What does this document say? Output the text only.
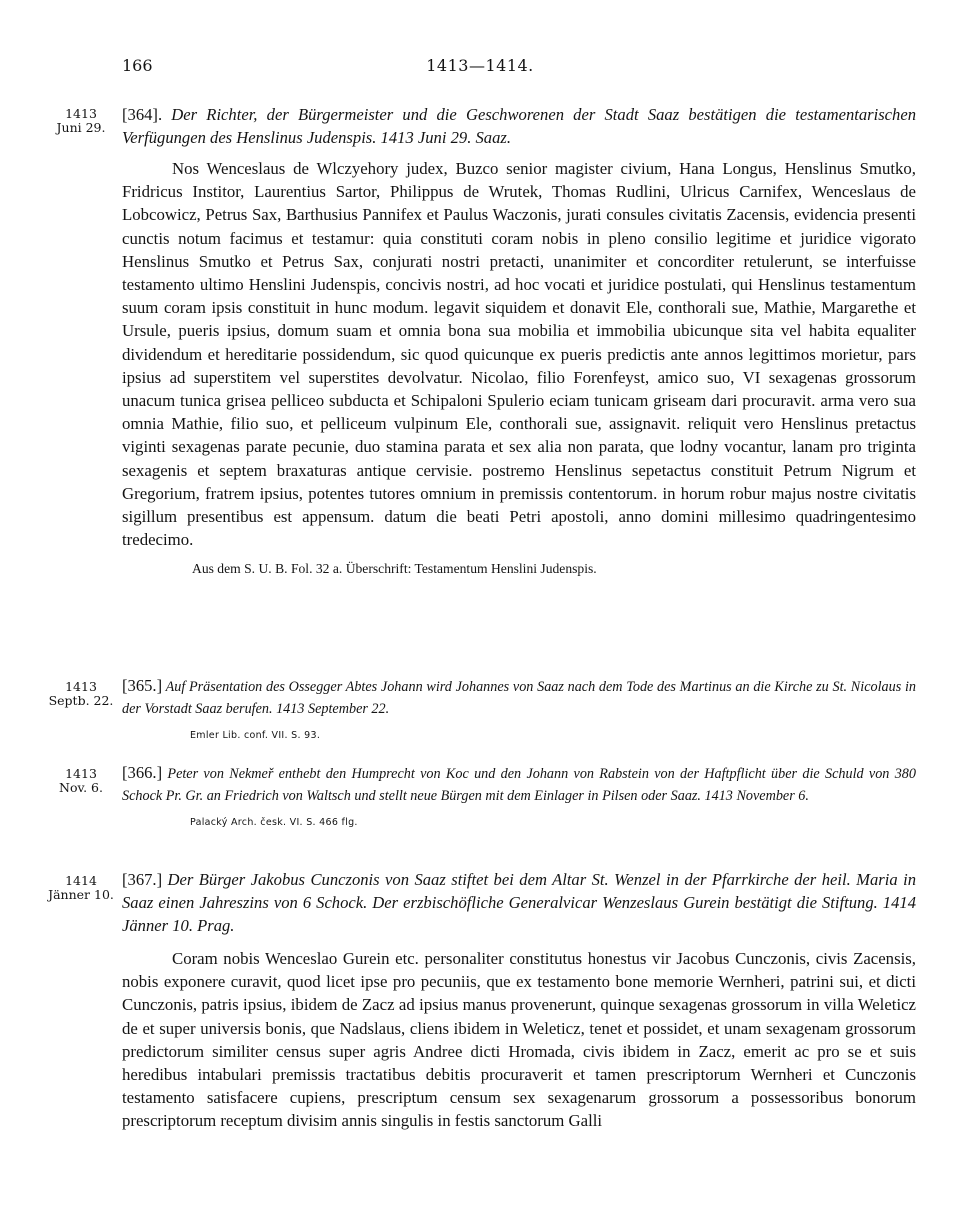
166	1413—1414.
1413
Juni 29.

[364]. Der Richter, der Bürgermeister und die Geschworenen der Stadt Saaz bestätigen die testamentarischen Verfügungen des Henslinus Judenspis. 1413 Juni 29. Saaz.

Nos Wenceslaus de Wlczyehory judex, Buzco senior magister civium, Hana Longus, Henslinus Smutko, Fridricus Institor, Laurentius Sartor, Philippus de Wrutek, Thomas Rudlini, Ulricus Carnifex, Wenceslaus de Lobcowicz, Petrus Sax, Barthusius Pannifex et Paulus Waczonis, jurati consules civitatis Zacensis, evidencia presenti cunctis notum facimus et testamur: quia constituti coram nobis in pleno consilio legitime et juridice vigorato Henslinus Smutko et Petrus Sax, conjurati nostri pretacti, unanimiter et concorditer retulerunt, se interfuisse testamento ultimo Henslini Judenspis, concivis nostri, ad hoc vocati et juridice postulati, qui Henslinus testamentum suum coram ipsis constituit in hunc modum. legavit siquidem et donavit Ele, conthorali sue, Mathie, Margarethe et Ursule, pueris ipsius, domum suam et omnia bona sua mobilia et immobilia ubicunque sita vel habita equaliter dividendum et hereditarie possidendum, sic quod quicunque ex pueris predictis ante annos legittimos morietur, pars ipsius ad superstitem vel superstites devolvatur. Nicolao, filio Forenfeyst, amico suo, VI sexagenas grossorum unacum tunica grisea pelliceo subducta et Schipaloni Spulerio eciam tunicam griseam dari procuravit. arma vero sua omnia Mathie, filio suo, et pelliceum vulpinum Ele, conthorali sue, assignavit. reliquit vero Henslinus pretactus viginti sexagenas parate pecunie, duo stamina parata et sex alia non parata, que lodny vocantur, lanam pro triginta sexagenis et septem braxaturas antique cervisie. postremo Henslinus sepetactus constituit Petrum Nigrum et Gregorium, fratrem ipsius, potentes tutores omnium in premissis contentorum. in horum robur majus nostre civitatis sigillum presentibus est appensum. datum die beati Petri apostoli, anno domini millesimo quadringentesimo tredecimo.

Aus dem S. U. B. Fol. 32 a. Überschrift: Testamentum Henslini Judenspis.

1413
Septb. 22.

[365.] Auf Präsentation des Ossegger Abtes Johann wird Johannes von Saaz nach dem Tode des Martinus an die Kirche zu St. Nicolaus in der Vorstadt Saaz berufen. 1413 September 22.

Emler Lib. conf. VII. S. 93.

1413
Nov. 6.

[366.] Peter von Nekmeř enthebt den Humprecht von Koc und den Johann von Rabstein von der Haftpflicht über die Schuld von 380 Schock Pr. Gr. an Friedrich von Waltsch und stellt neue Bürgen mit dem Einlager in Pilsen oder Saaz. 1413 November 6.

Palacký Arch. česk. VI. S. 466 flg.

1414
Jänner 10.

[367.] Der Bürger Jakobus Cunczonis von Saaz stiftet bei dem Altar St. Wenzel in der Pfarrkirche der heil. Maria in Saaz einen Jahreszins von 6 Schock. Der erzbischöfliche Generalvicar Wenzeslaus Gurein bestätigt die Stiftung. 1414 Jänner 10. Prag.

Coram nobis Wenceslao Gurein etc. personaliter constitutus honestus vir Jacobus Cunczonis, civis Zacensis, nobis exponere curavit, quod licet ipse pro pecuniis, que ex testamento bone memorie Wernheri, patrini sui, et dicti Cunczonis, patris ipsius, ibidem de Zacz ad ipsius manus provenerunt, quinque sexagenas grossorum in villa Weleticz de et super universis bonis, que Nadslaus, cliens ibidem in Weleticz, tenet et possidet, et unam sexagenam grossorum predictorum similiter census super agris Andree dicti Hromada, civis ibidem in Zacz, emerit ac pro se et suis heredibus intabulari premissis tractatibus debitis procuraverit et tamen prescriptorum Wernheri et Cunczonis testamento satisfacere cupiens, prescriptum censum sex sexagenarum grossorum a possessoribus bonorum prescriptorum receptum divisim annis singulis in festis sanctorum Galli
